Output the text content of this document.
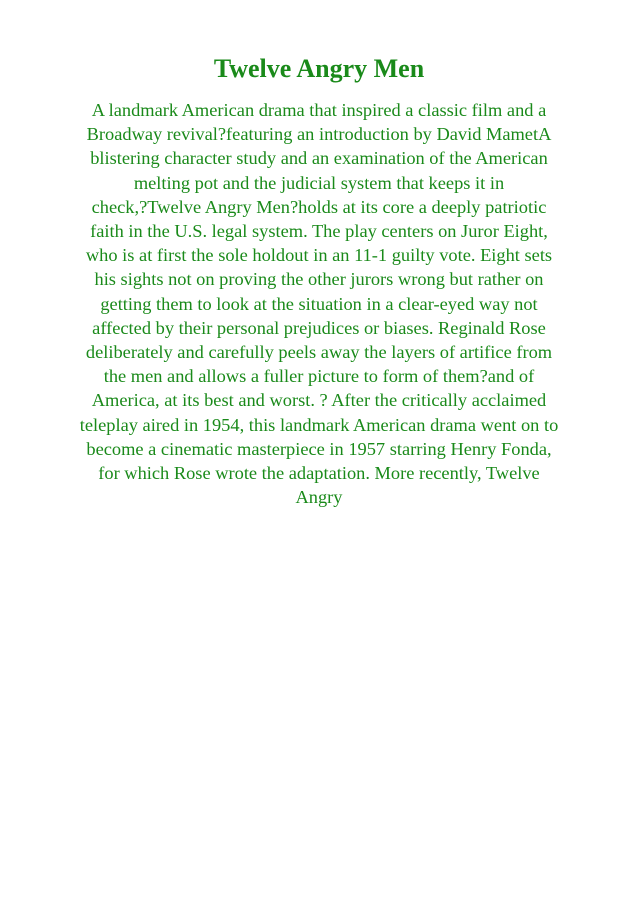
Twelve Angry Men
A landmark American drama that inspired a classic film and a
Broadway revival?featuring an introduction by David MametA
blistering character study and an examination of the American
melting pot and the judicial system that keeps it in
check,?Twelve Angry Men?holds at its core a deeply patriotic
faith in the U.S. legal system. The play centers on Juror Eight,
who is at first the sole holdout in an 11-1 guilty vote. Eight sets
his sights not on proving the other jurors wrong but rather on
getting them to look at the situation in a clear-eyed way not
affected by their personal prejudices or biases. Reginald Rose
deliberately and carefully peels away the layers of artifice from
the men and allows a fuller picture to form of them?and of
America, at its best and worst. ? After the critically acclaimed
teleplay aired in 1954, this landmark American drama went on to
become a cinematic masterpiece in 1957 starring Henry Fonda,
for which Rose wrote the adaptation. More recently, Twelve
Angry
